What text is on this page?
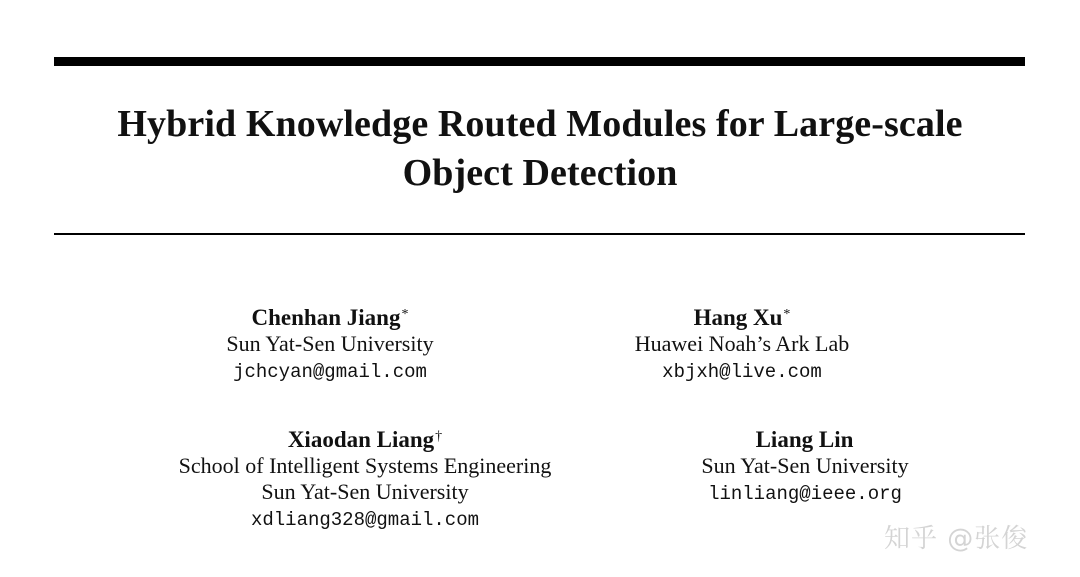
Hybrid Knowledge Routed Modules for Large-scale
Object Detection
Chenhan Jiang*
Sun Yat-Sen University
jchcyan@gmail.com
Hang Xu*
Huawei Noah’s Ark Lab
xbjxh@live.com
Xiaodan Liang†
School of Intelligent Systems Engineering
Sun Yat-Sen University
xdliang328@gmail.com
Liang Lin
Sun Yat-Sen University
linliang@ieee.org
知乎 @张俊
